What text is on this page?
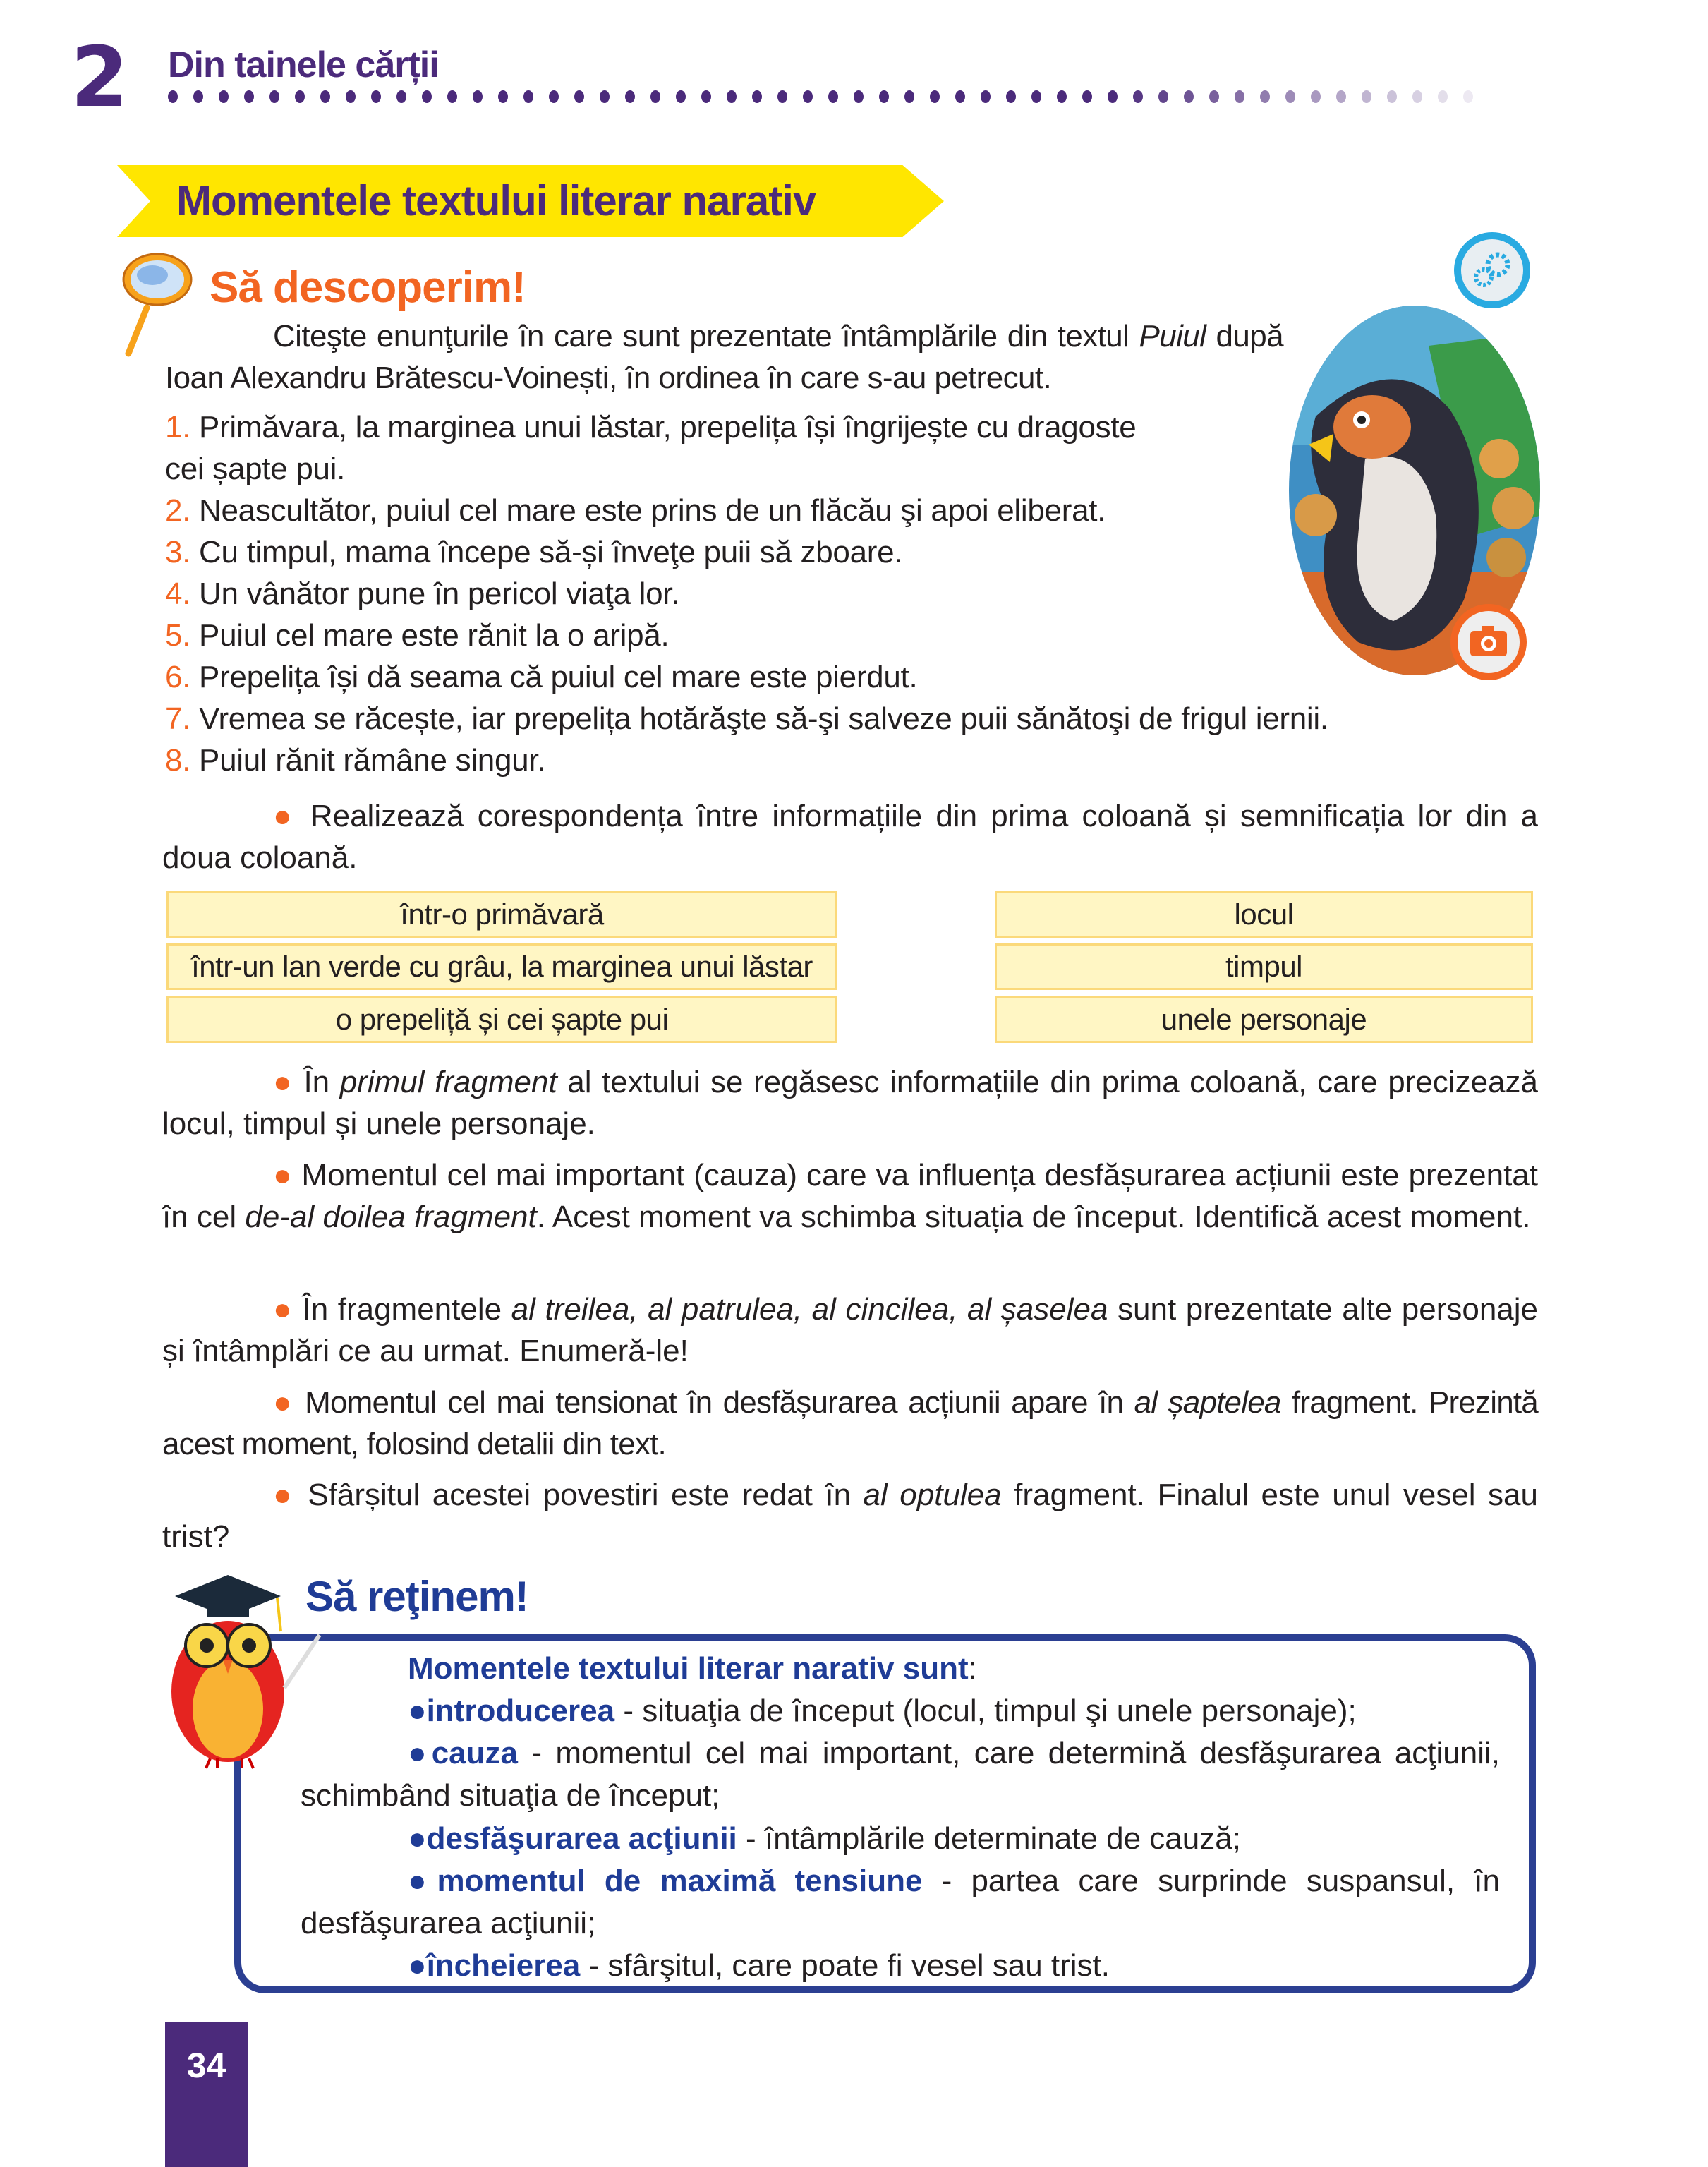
2 Din tainele cărții
Momentele textului literar narativ
Să descoperim!

Citeşte enunţurile în care sunt prezentate întâmplările din textul Puiul după Ioan Alexandru Brătescu-Voinești, în ordinea în care s-au petrecut.

1. Primăvara, la marginea unui lăstar, prepelița își îngrijește cu dragoste
cei șapte pui.
2. Neascultător, puiul cel mare este prins de un flăcău şi apoi eliberat.
3. Cu timpul, mama începe să-și înveţe puii să zboare.
4. Un vânător pune în pericol viaţa lor.
5. Puiul cel mare este rănit la o aripă.
6. Prepelița își dă seama că puiul cel mare este pierdut.
7. Vremea se răcește, iar prepelița hotărăşte să-şi salveze puii sănătoşi de frigul iernii.
8. Puiul rănit rămâne singur.

● Realizează corespondența între informațiile din prima coloană și semnificația lor din a doua coloană.

într-o primăvară
într-un lan verde cu grâu, la marginea unui lăstar
o prepeliță și cei șapte pui
locul
timpul
unele personaje

● În primul fragment al textului se regăsesc informațiile din prima coloană, care precizează locul, timpul și unele personaje.

● Momentul cel mai important (cauza) care va influența desfășurarea acțiunii este prezentat în cel de-al doilea fragment. Acest moment va schimba situația de început. Identifică acest moment.

● În fragmentele al treilea, al patrulea, al cincilea, al șaselea sunt prezentate alte personaje și întâmplări ce au urmat. Enumeră-le!

● Momentul cel mai tensionat în desfășurarea acțiunii apare în al șaptelea fragment. Prezintă acest moment, folosind detalii din text.

● Sfârșitul acestei povestiri este redat în al optulea fragment. Finalul este unul vesel sau trist?

Să reţinem!
Momentele textului literar narativ sunt:

●introducerea - situaţia de început (locul, timpul şi unele personaje);

●cauza - momentul cel mai important, care determină desfăşurarea acţiunii, schimbând situaţia de început;

●desfăşurarea acţiunii - întâmplările determinate de cauză;

●momentul de maximă tensiune - partea care surprinde suspansul, în desfăşurarea acţiunii;

●încheierea - sfârşitul, care poate fi vesel sau trist.

34
